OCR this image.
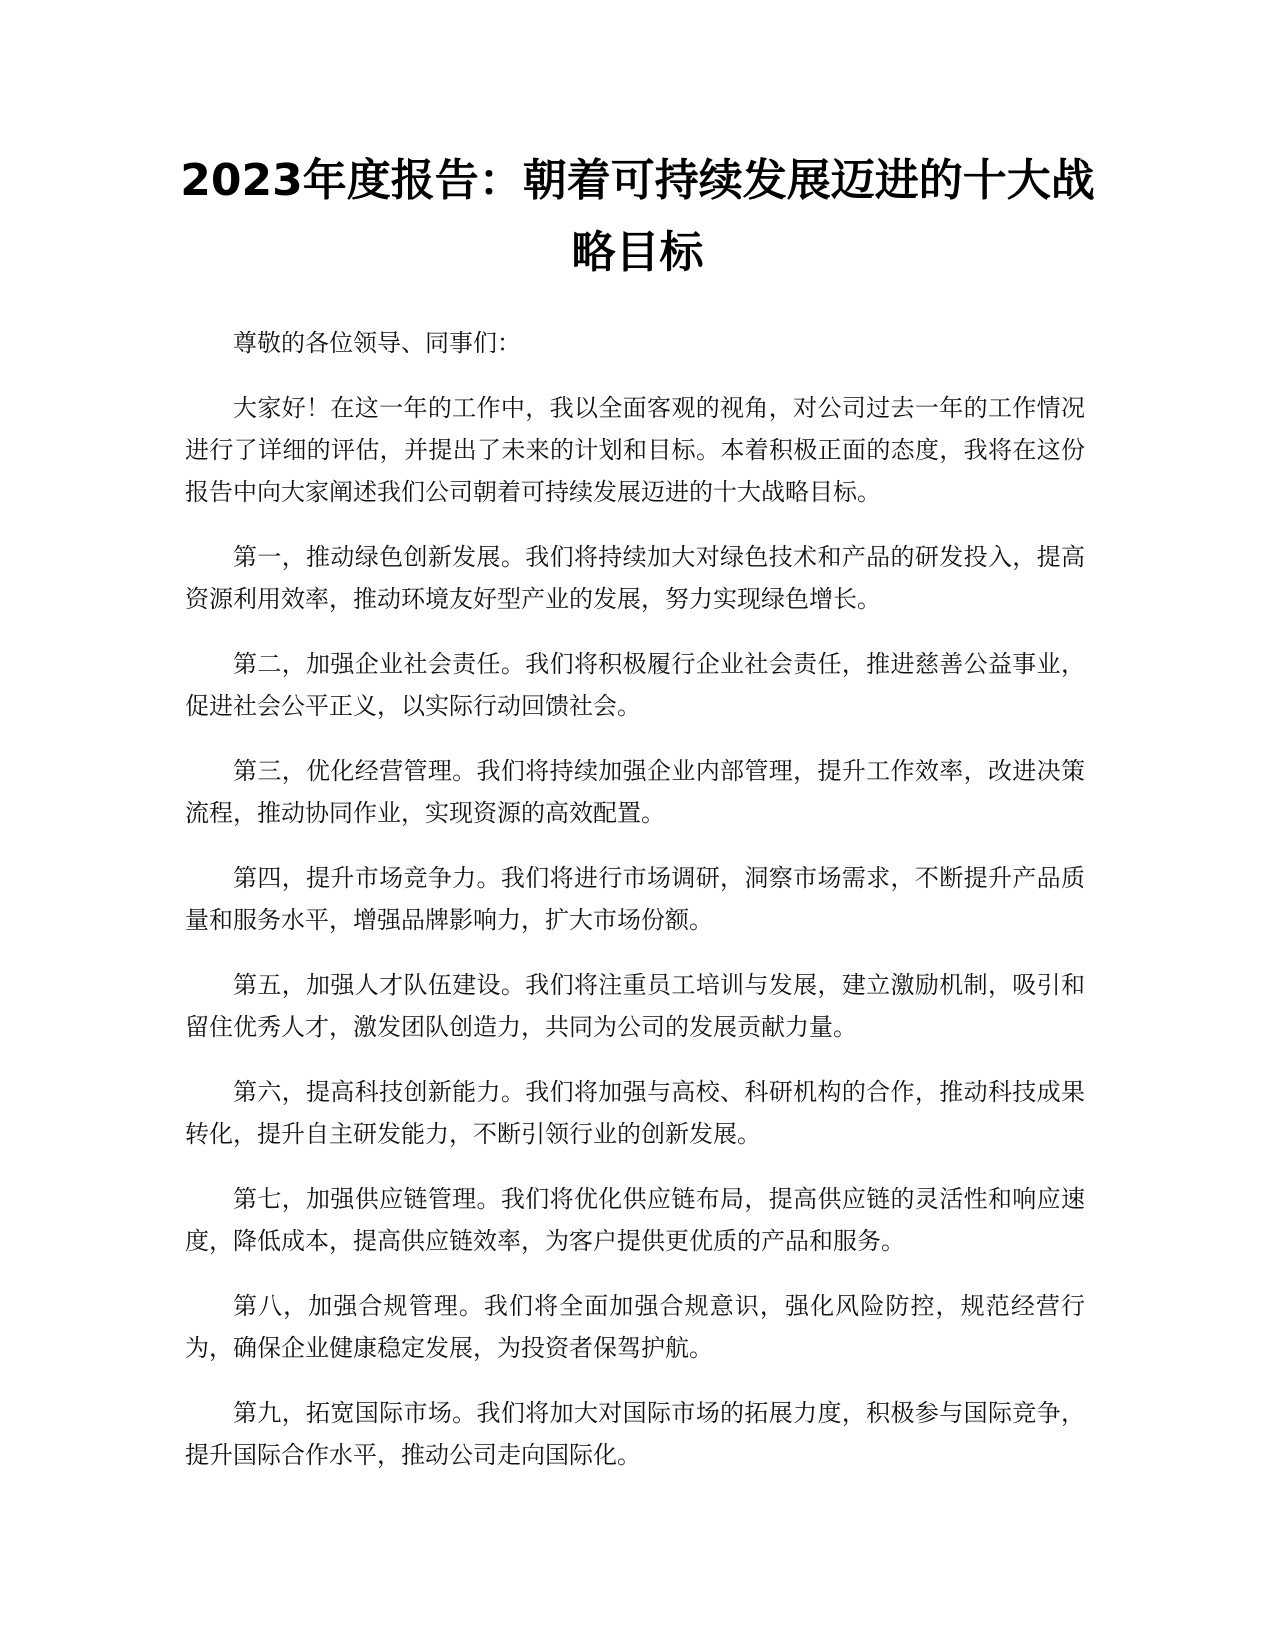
2023年度报告：朝着可持续发展迈进的十大战略目标

尊敬的各位领导、同事们：

大家好！在这一年的工作中，我以全面客观的视角，对公司过去一年的工作情况进行了详细的评估，并提出了未来的计划和目标。本着积极正面的态度，我将在这份报告中向大家阐述我们公司朝着可持续发展迈进的十大战略目标。

第一，推动绿色创新发展。我们将持续加大对绿色技术和产品的研发投入，提高资源利用效率，推动环境友好型产业的发展，努力实现绿色增长。

第二，加强企业社会责任。我们将积极履行企业社会责任，推进慈善公益事业，促进社会公平正义，以实际行动回馈社会。

第三，优化经营管理。我们将持续加强企业内部管理，提升工作效率，改进决策流程，推动协同作业，实现资源的高效配置。

第四，提升市场竞争力。我们将进行市场调研，洞察市场需求，不断提升产品质量和服务水平，增强品牌影响力，扩大市场份额。

第五，加强人才队伍建设。我们将注重员工培训与发展，建立激励机制，吸引和留住优秀人才，激发团队创造力，共同为公司的发展贡献力量。

第六，提高科技创新能力。我们将加强与高校、科研机构的合作，推动科技成果转化，提升自主研发能力，不断引领行业的创新发展。

第七，加强供应链管理。我们将优化供应链布局，提高供应链的灵活性和响应速度，降低成本，提高供应链效率，为客户提供更优质的产品和服务。

第八，加强合规管理。我们将全面加强合规意识，强化风险防控，规范经营行为，确保企业健康稳定发展，为投资者保驾护航。

第九，拓宽国际市场。我们将加大对国际市场的拓展力度，积极参与国际竞争，提升国际合作水平，推动公司走向国际化。
